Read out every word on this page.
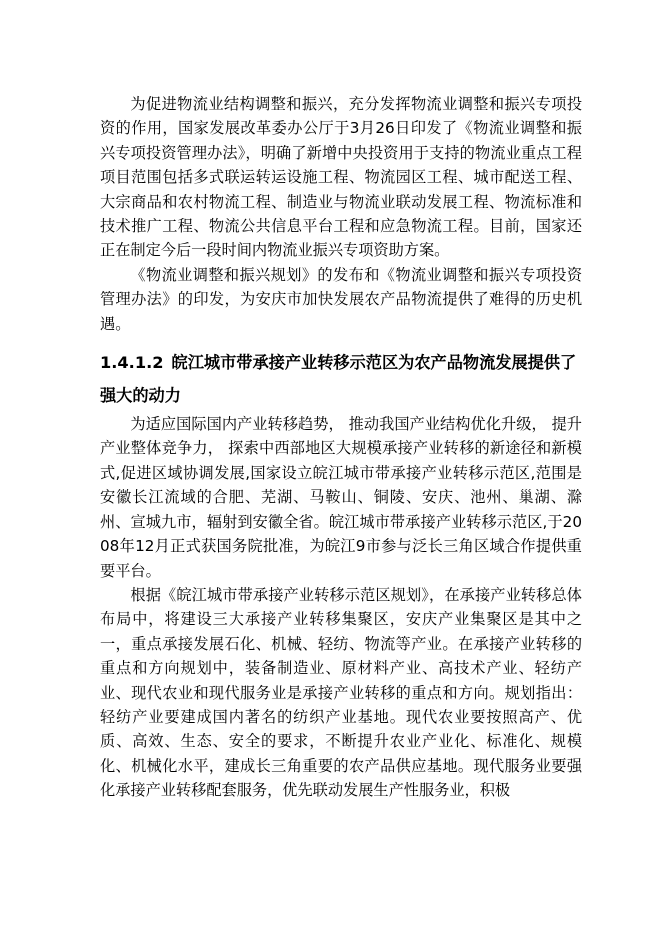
为促进物流业结构调整和振兴，充分发挥物流业调整和振兴专项投资的作用，国家发展改革委办公厅于3月26日印发了《物流业调整和振兴专项投资管理办法》，明确了新增中央投资用于支持的物流业重点工程项目范围包括多式联运转运设施工程、物流园区工程、城市配送工程、大宗商品和农村物流工程、制造业与物流业联动发展工程、物流标准和技术推广工程、物流公共信息平台工程和应急物流工程。目前，国家还正在制定今后一段时间内物流业振兴专项资助方案。

《物流业调整和振兴规划》的发布和《物流业调整和振兴专项投资管理办法》的印发，为安庆市加快发展农产品物流提供了难得的历史机遇。

1.4.1.2 皖江城市带承接产业转移示范区为农产品物流发展提供了强大的动力

为适应国际国内产业转移趋势， 推动我国产业结构优化升级， 提升产业整体竞争力， 探索中西部地区大规模承接产业转移的新途径和新模式,促进区域协调发展,国家设立皖江城市带承接产业转移示范区,范围是安徽长江流域的合肥、芜湖、马鞍山、铜陵、安庆、池州、巢湖、滁州、宣城九市，辐射到安徽全省。皖江城市带承接产业转移示范区,于2008年12月正式获国务院批准，为皖江9市参与泛长三角区域合作提供重要平台。

根据《皖江城市带承接产业转移示范区规划》，在承接产业转移总体布局中，将建设三大承接产业转移集聚区，安庆产业集聚区是其中之一，重点承接发展石化、机械、轻纺、物流等产业。在承接产业转移的重点和方向规划中，装备制造业、原材料产业、高技术产业、轻纺产业、现代农业和现代服务业是承接产业转移的重点和方向。规划指出：轻纺产业要建成国内著名的纺织产业基地。现代农业要按照高产、优质、高效、生态、安全的要求，不断提升农业产业化、标准化、规模化、机械化水平，建成长三角重要的农产品供应基地。现代服务业要强化承接产业转移配套服务，优先联动发展生产性服务业，积极
